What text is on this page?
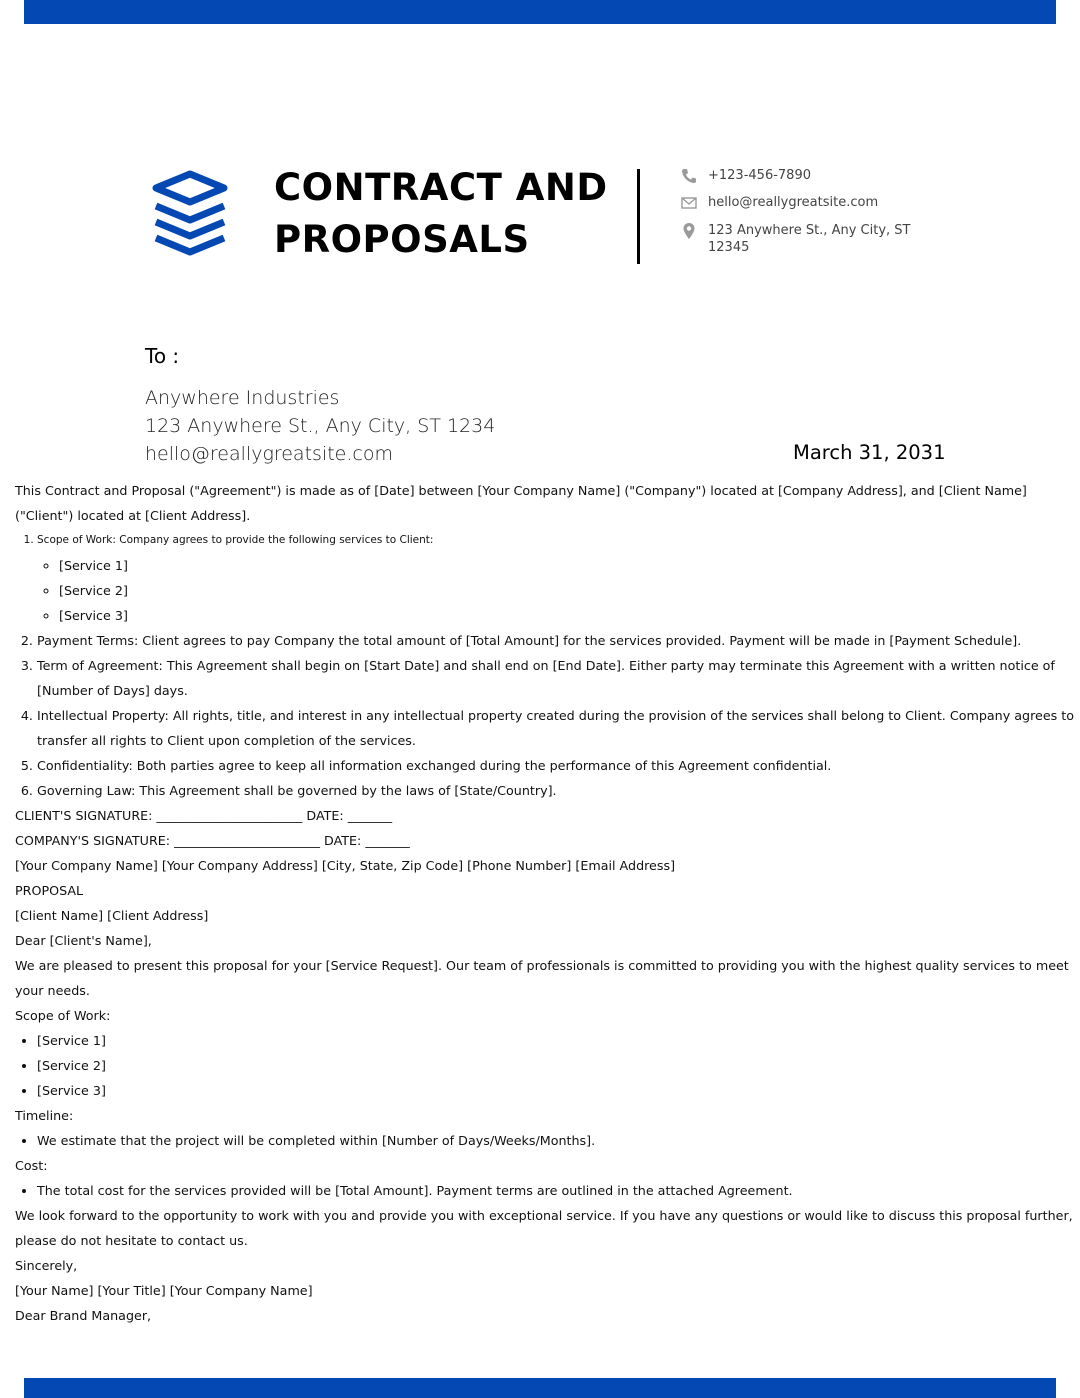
CONTRACT AND
PROPOSALS
+123-456-7890
hello@reallygreatsite.com
123 Anywhere St., Any City, ST
12345
To :
Anywhere Industries
123 Anywhere St., Any City, ST 1234
hello@reallygreatsite.com	March 31, 2031

This Contract and Proposal ("Agreement") is made as of [Date] between [Your Company Name] ("Company") located at [Company Address], and [Client Name] ("Client") located at [Client Address].

1. Scope of Work: Company agrees to provide the following services to Client:
◦ [Service 1]
◦ [Service 2]
◦ [Service 3]
2. Payment Terms: Client agrees to pay Company the total amount of [Total Amount] for the services provided. Payment will be made in [Payment Schedule].
3. Term of Agreement: This Agreement shall begin on [Start Date] and shall end on [End Date]. Either party may terminate this Agreement with a written notice of [Number of Days] days.
4. Intellectual Property: All rights, title, and interest in any intellectual property created during the provision of the services shall belong to Client. Company agrees to transfer all rights to Client upon completion of the services.
5. Confidentiality: Both parties agree to keep all information exchanged during the performance of this Agreement confidential.
6. Governing Law: This Agreement shall be governed by the laws of [State/Country].

CLIENT'S SIGNATURE: _______________________ DATE: _______

COMPANY'S SIGNATURE: _______________________ DATE: _______

[Your Company Name] [Your Company Address] [City, State, Zip Code] [Phone Number] [Email Address]

PROPOSAL

[Client Name] [Client Address]

Dear [Client's Name],

We are pleased to present this proposal for your [Service Request]. Our team of professionals is committed to providing you with the highest quality services to meet your needs.

Scope of Work:

• [Service 1]
• [Service 2]
• [Service 3]

Timeline:

• We estimate that the project will be completed within [Number of Days/Weeks/Months].

Cost:

• The total cost for the services provided will be [Total Amount]. Payment terms are outlined in the attached Agreement.

We look forward to the opportunity to work with you and provide you with exceptional service. If you have any questions or would like to discuss this proposal further, please do not hesitate to contact us.

Sincerely,

[Your Name] [Your Title] [Your Company Name]

Dear Brand Manager,
